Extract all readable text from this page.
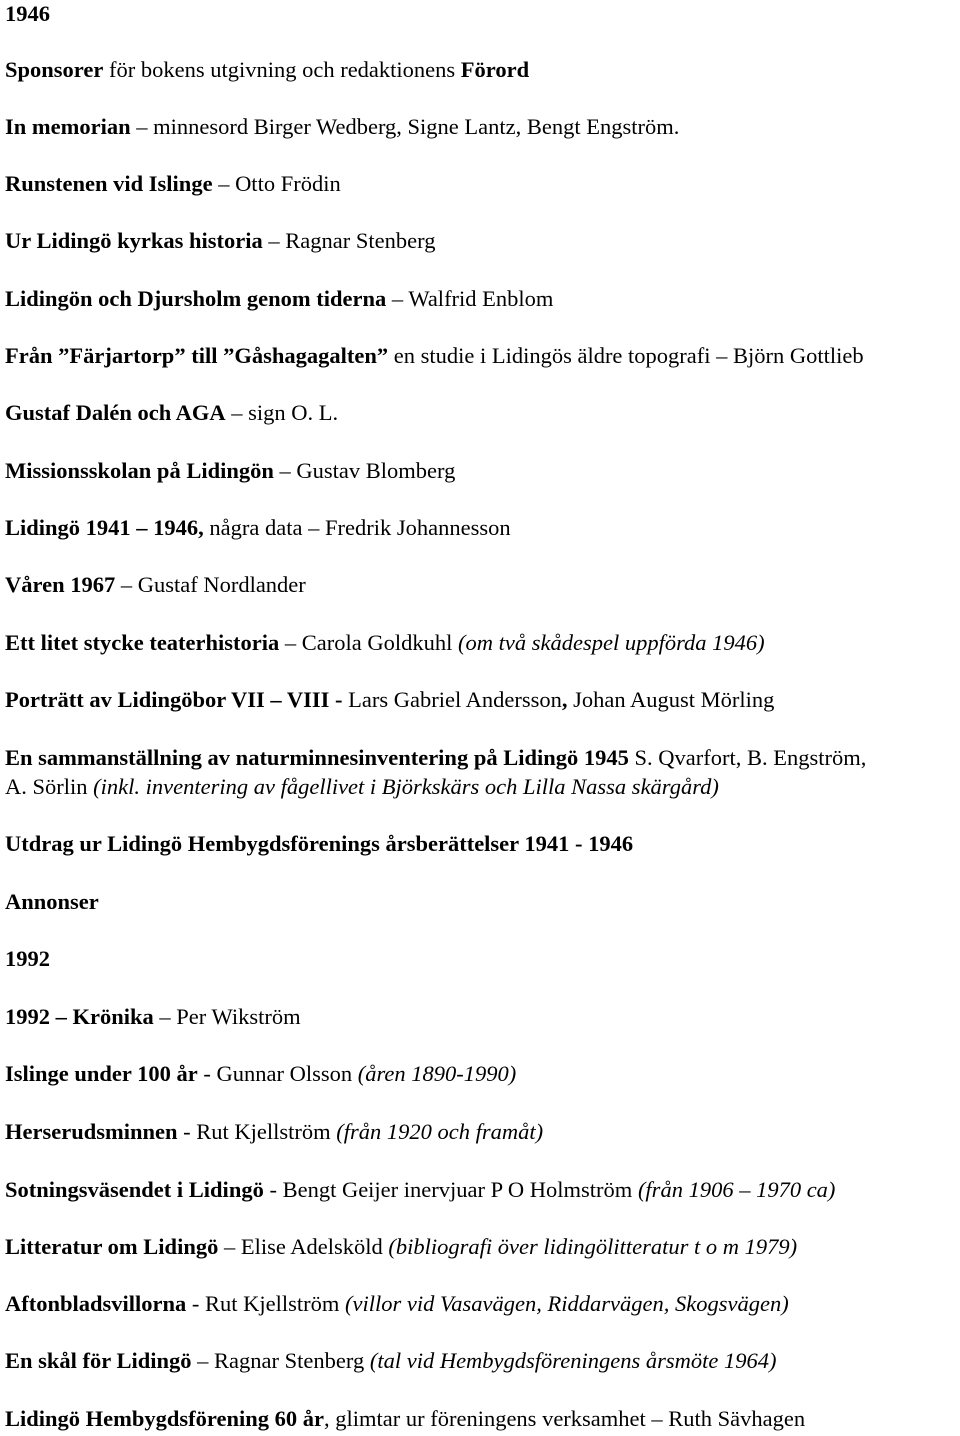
1946
Sponsorer för bokens utgivning och redaktionens Förord
In memorian – minnesord Birger Wedberg, Signe Lantz, Bengt Engström.
Runstenen vid Islinge – Otto Frödin
Ur Lidingö kyrkas historia – Ragnar Stenberg
Lidingön och Djursholm genom tiderna – Walfrid Enblom
Från ”Färjartorp” till ”Gåshagagalten” en studie i Lidingös äldre topografi – Björn Gottlieb
Gustaf Dalén och AGA – sign O. L.
Missionsskolan på Lidingön – Gustav Blomberg
Lidingö 1941 – 1946, några data – Fredrik Johannesson
Våren 1967 – Gustaf Nordlander
Ett litet stycke teaterhistoria – Carola Goldkuhl (om två skådespel uppförda 1946)
Porträtt av Lidingöbor VII – VIII - Lars Gabriel Andersson, Johan August Mörling
En sammanställning av naturminnesinventering på Lidingö 1945 S. Qvarfort, B. Engström,
A. Sörlin (inkl. inventering av fågellivet i Björkskärs och Lilla Nassa skärgård)
Utdrag ur Lidingö Hembygdsförenings årsberättelser 1941 - 1946
Annonser
1992
1992 – Krönika – Per Wikström
Islinge under 100 år - Gunnar Olsson (åren 1890-1990)
Herserudsminnen - Rut Kjellström (från 1920 och framåt)
Sotningsväsendet i Lidingö - Bengt Geijer inervjuar P O Holmström (från 1906 – 1970 ca)
Litteratur om Lidingö – Elise Adelsköld (bibliografi över lidingölitteratur t o m 1979)
Aftonbladsvillorna - Rut Kjellström (villor vid Vasavägen, Riddarvägen, Skogsvägen)
En skål för Lidingö – Ragnar Stenberg (tal vid Hembygdsföreningens årsmöte 1964)
Lidingö Hembygdsförening 60 år, glimtar ur föreningens verksamhet – Ruth Sävhagen
